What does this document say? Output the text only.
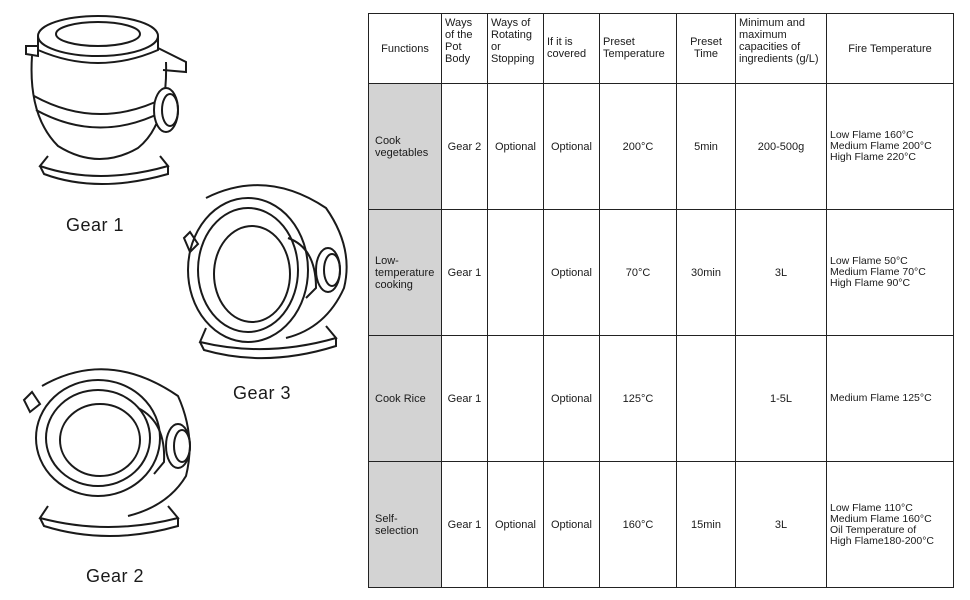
Gear 1
Gear 3
Gear 2
Functions	Ways of the Pot Body	Ways of Rotating or Stopping	If it is covered	Preset Temperature	Preset Time	Minimum and maximum capacities of ingredients (g/L)	Fire Temperature
Cook vegetables	Gear 2	Optional	Optional	200°C	5min	200-500g	Low Flame 160°C
Medium Flame 200°C
High Flame 220°C

Low-temperature cooking	Gear 1		Optional	70°C	30min	3L	Low Flame 50°C
Medium Flame 70°C
High Flame 90°C

Cook Rice	Gear 1		Optional	125°C		1-5L	Medium Flame 125°C

Self-selection	Gear 1	Optional	Optional	160°C	15min	3L	Low Flame 110°C
Medium Flame 160°C
Oil Temperature of
High Flame180-200°C
